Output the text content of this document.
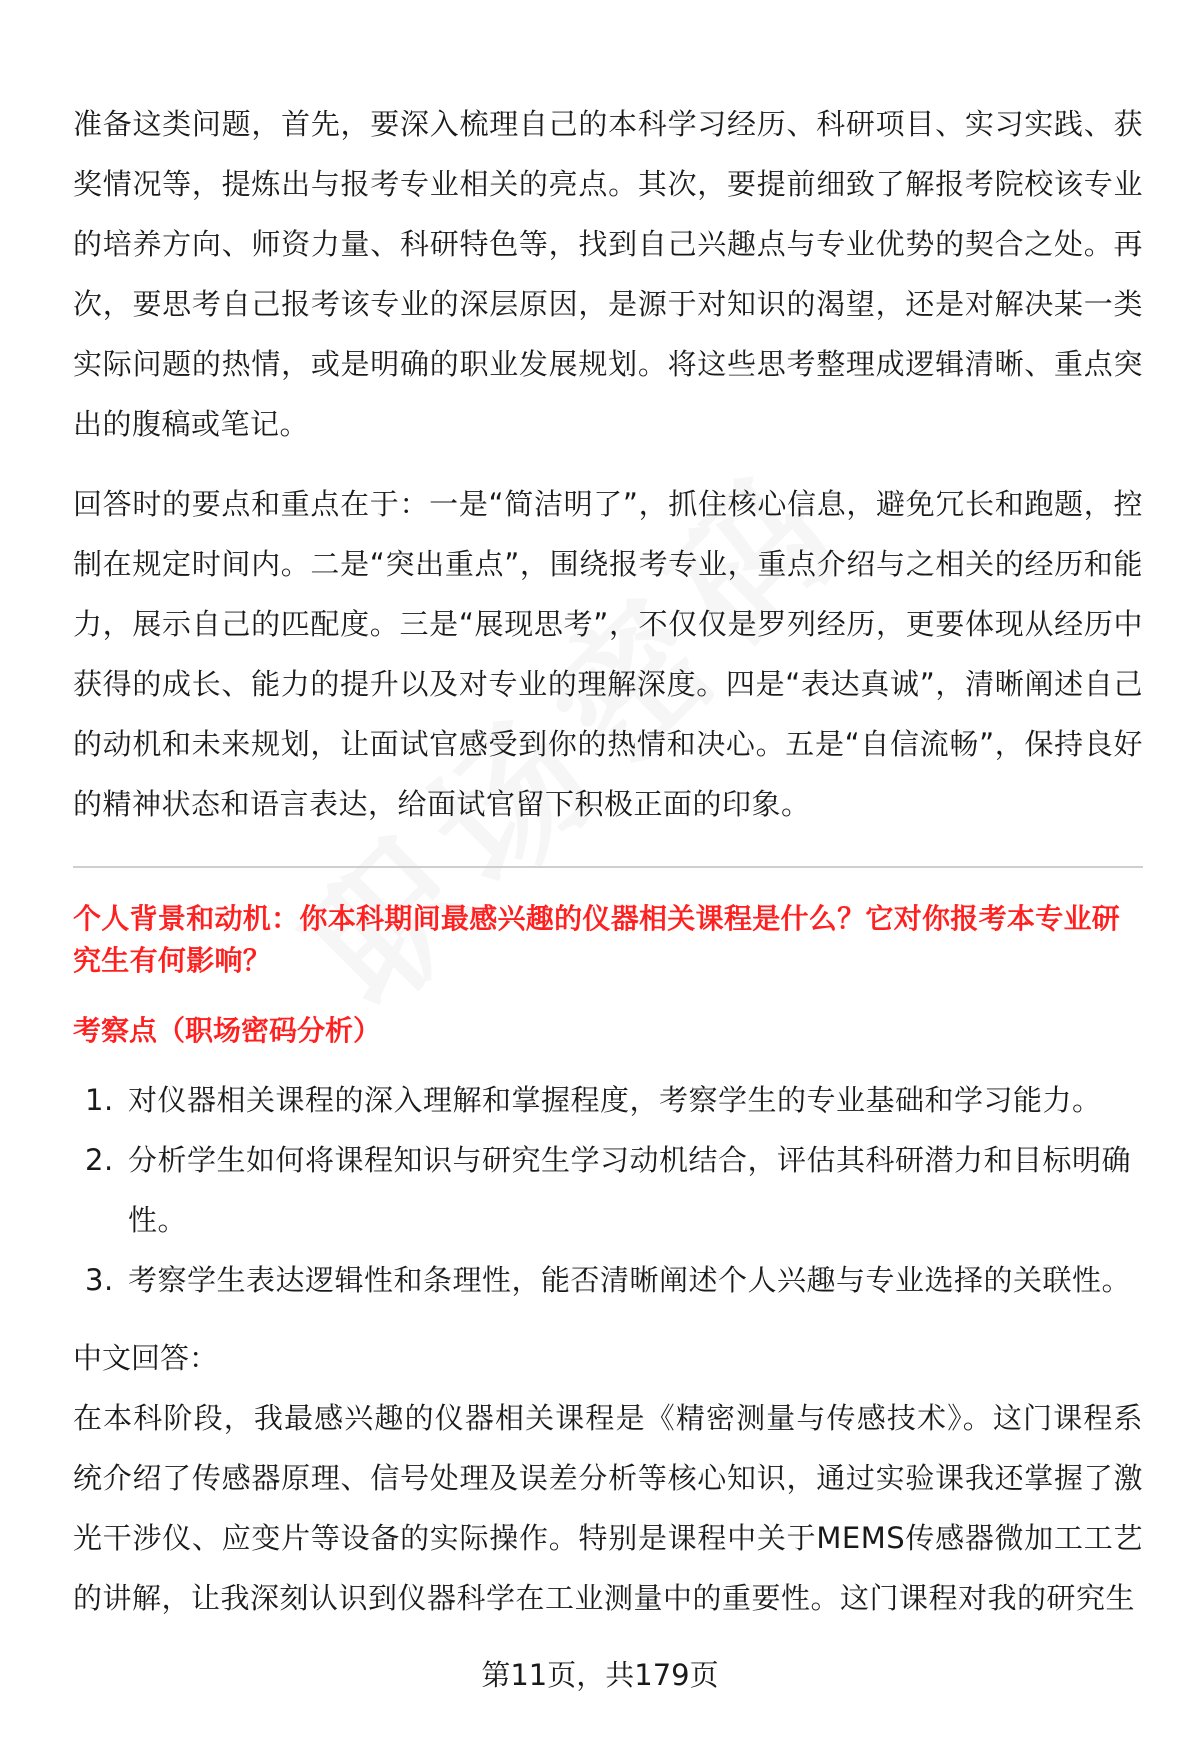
准备这类问题，首先，要深入梳理自己的本科学习经历、科研项目、实习实践、获奖情况等，提炼出与报考专业相关的亮点。其次，要提前细致了解报考院校该专业的培养方向、师资力量、科研特色等，找到自己兴趣点与专业优势的契合之处。再次，要思考自己报考该专业的深层原因，是源于对知识的渴望，还是对解决某一类实际问题的热情，或是明确的职业发展规划。将这些思考整理成逻辑清晰、重点突出的腹稿或笔记。

回答时的要点和重点在于：一是“简洁明了”，抓住核心信息，避免冗长和跑题，控制在规定时间内。二是“突出重点”，围绕报考专业，重点介绍与之相关的经历和能力，展示自己的匹配度。三是“展现思考”，不仅仅是罗列经历，更要体现从经历中获得的成长、能力的提升以及对专业的理解深度。四是“表达真诚”，清晰阐述自己的动机和未来规划，让面试官感受到你的热情和决心。五是“自信流畅”，保持良好的精神状态和语言表达，给面试官留下积极正面的印象。

个人背景和动机：你本科期间最感兴趣的仪器相关课程是什么？它对你报考本专业研究生有何影响？

考察点（职场密码分析）

1. 对仪器相关课程的深入理解和掌握程度，考察学生的专业基础和学习能力。
2. 分析学生如何将课程知识与研究生学习动机结合，评估其科研潜力和目标明确性。
3. 考察学生表达逻辑性和条理性，能否清晰阐述个人兴趣与专业选择的关联性。

中文回答：

在本科阶段，我最感兴趣的仪器相关课程是《精密测量与传感技术》。这门课程系统介绍了传感器原理、信号处理及误差分析等核心知识，通过实验课我还掌握了激光干涉仪、应变片等设备的实际操作。特别是课程中关于MEMS传感器微加工工艺的讲解，让我深刻认识到仪器科学在工业测量中的重要性。这门课程对我的研究生

第11页，共179页
